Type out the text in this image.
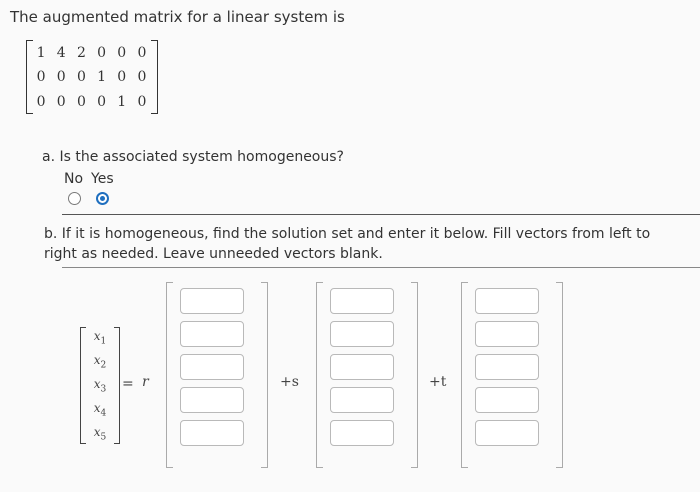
The augmented matrix for a linear system is
1 4 2 0 0 0
0 0 0 1 0 0
0 0 0 0 1 0
a. Is the associated system homogeneous?
No Yes
b. If it is homogeneous, find the solution set and enter it below. Fill vectors from left to right as needed. Leave unneeded vectors blank.
$x_1$
$x_2$
$x_3$
$x_4$
$x_5$
= r	+s	+t
